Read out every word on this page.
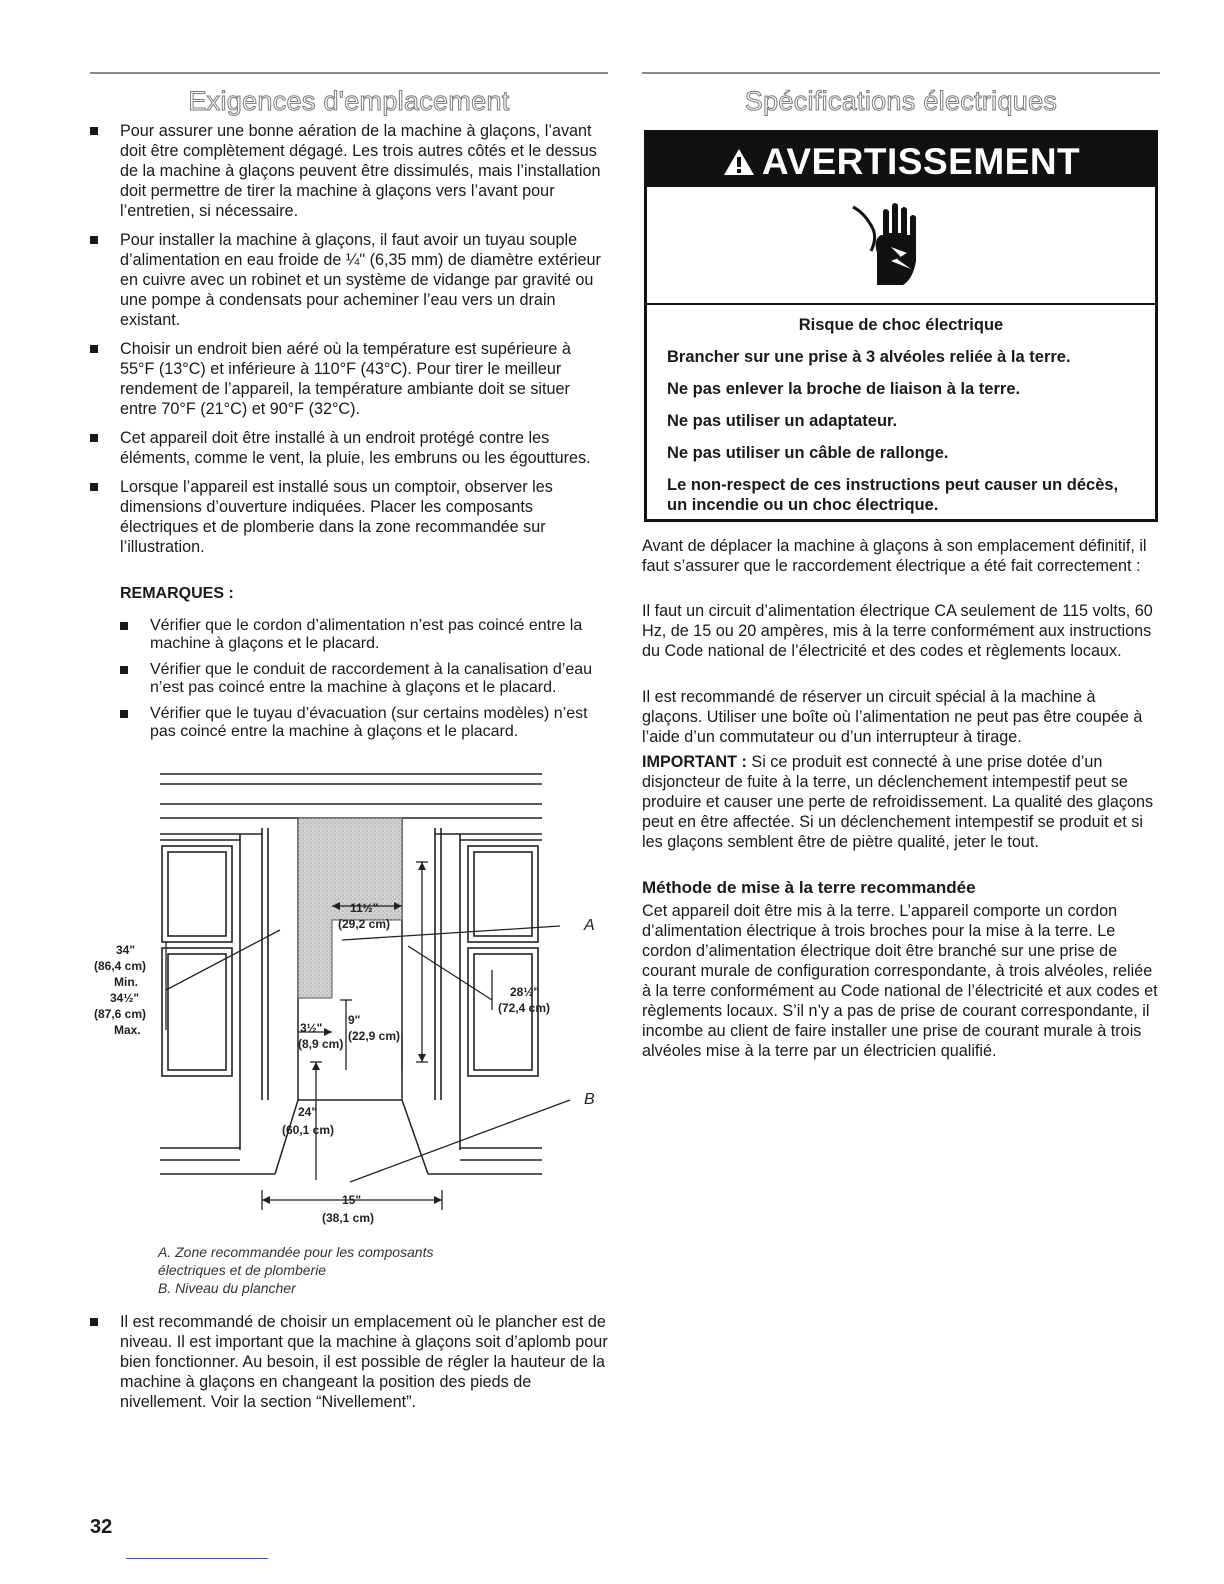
Exigences d'emplacement
Pour assurer une bonne aération de la machine à glaçons, l’avant doit être complètement dégagé. Les trois autres côtés et le dessus de la machine à glaçons peuvent être dissimulés, mais l’installation doit permettre de tirer la machine à glaçons vers l’avant pour l’entretien, si nécessaire.
Pour installer la machine à glaçons, il faut avoir un tuyau souple d’alimentation en eau froide de ¼" (6,35 mm) de diamètre extérieur en cuivre avec un robinet et un système de vidange par gravité ou une pompe à condensats pour acheminer l’eau vers un drain existant.
Choisir un endroit bien aéré où la température est supérieure à 55°F (13°C) et inférieure à 110°F (43°C). Pour tirer le meilleur rendement de l’appareil, la température ambiante doit se situer entre 70°F (21°C) et 90°F (32°C).
Cet appareil doit être installé à un endroit protégé contre les éléments, comme le vent, la pluie, les embruns ou les égouttures.
Lorsque l’appareil est installé sous un comptoir, observer les dimensions d’ouverture indiquées. Placer les composants électriques et de plomberie dans la zone recommandée sur l’illustration.
REMARQUES :
Vérifier que le cordon d’alimentation n’est pas coincé entre la machine à glaçons et le placard.
Vérifier que le conduit de raccordement à la canalisation d’eau n’est pas coincé entre la machine à glaçons et le placard.
Vérifier que le tuyau d’évacuation (sur certains modèles) n’est pas coincé entre la machine à glaçons et le placard.
A
B
34"
(86,4 cm)
Min.
34½"
(87,6 cm)
Max.
11½"
(29,2 cm)
28½"
(72,4 cm)
3½"
(8,9 cm)
9"
(22,9 cm)
24"
(60,1 cm)
15"
(38,1 cm)
A. Zone recommandée pour les composants électriques et de plomberie
B. Niveau du plancher
Il est recommandé de choisir un emplacement où le plancher est de niveau. Il est important que la machine à glaçons soit d’aplomb pour bien fonctionner. Au besoin, il est possible de régler la hauteur de la machine à glaçons en changeant la position des pieds de nivellement. Voir la section “Nivellement”.
32
Spécifications électriques
AVERTISSEMENT

Risque de choc électrique

Brancher sur une prise à 3 alvéoles reliée à la terre.

Ne pas enlever la broche de liaison à la terre.

Ne pas utiliser un adaptateur.

Ne pas utiliser un câble de rallonge.

Le non-respect de ces instructions peut causer un décès, un incendie ou un choc électrique.

Avant de déplacer la machine à glaçons à son emplacement définitif, il faut s’assurer que le raccordement électrique a été fait correctement :

Il faut un circuit d’alimentation électrique CA seulement de 115 volts, 60 Hz, de 15 ou 20 ampères, mis à la terre conformément aux instructions du Code national de l’électricité et des codes et règlements locaux.

Il est recommandé de réserver un circuit spécial à la machine à glaçons. Utiliser une boîte où l’alimentation ne peut pas être coupée à l’aide d’un commutateur ou d’un interrupteur à tirage.

IMPORTANT : Si ce produit est connecté à une prise dotée d’un disjoncteur de fuite à la terre, un déclenchement intempestif peut se produire et causer une perte de refroidissement. La qualité des glaçons peut en être affectée. Si un déclenchement intempestif se produit et si les glaçons semblent être de piètre qualité, jeter le tout.

Méthode de mise à la terre recommandée

Cet appareil doit être mis à la terre. L’appareil comporte un cordon d’alimentation électrique à trois broches pour la mise à la terre. Le cordon d’alimentation électrique doit être branché sur une prise de courant murale de configuration correspondante, à trois alvéoles, reliée à la terre conformément au Code national de l’électricité et aux codes et règlements locaux. S’il n’y a pas de prise de courant correspondante, il incombe au client de faire installer une prise de courant murale à trois alvéoles mise à la terre par un électricien qualifié.
